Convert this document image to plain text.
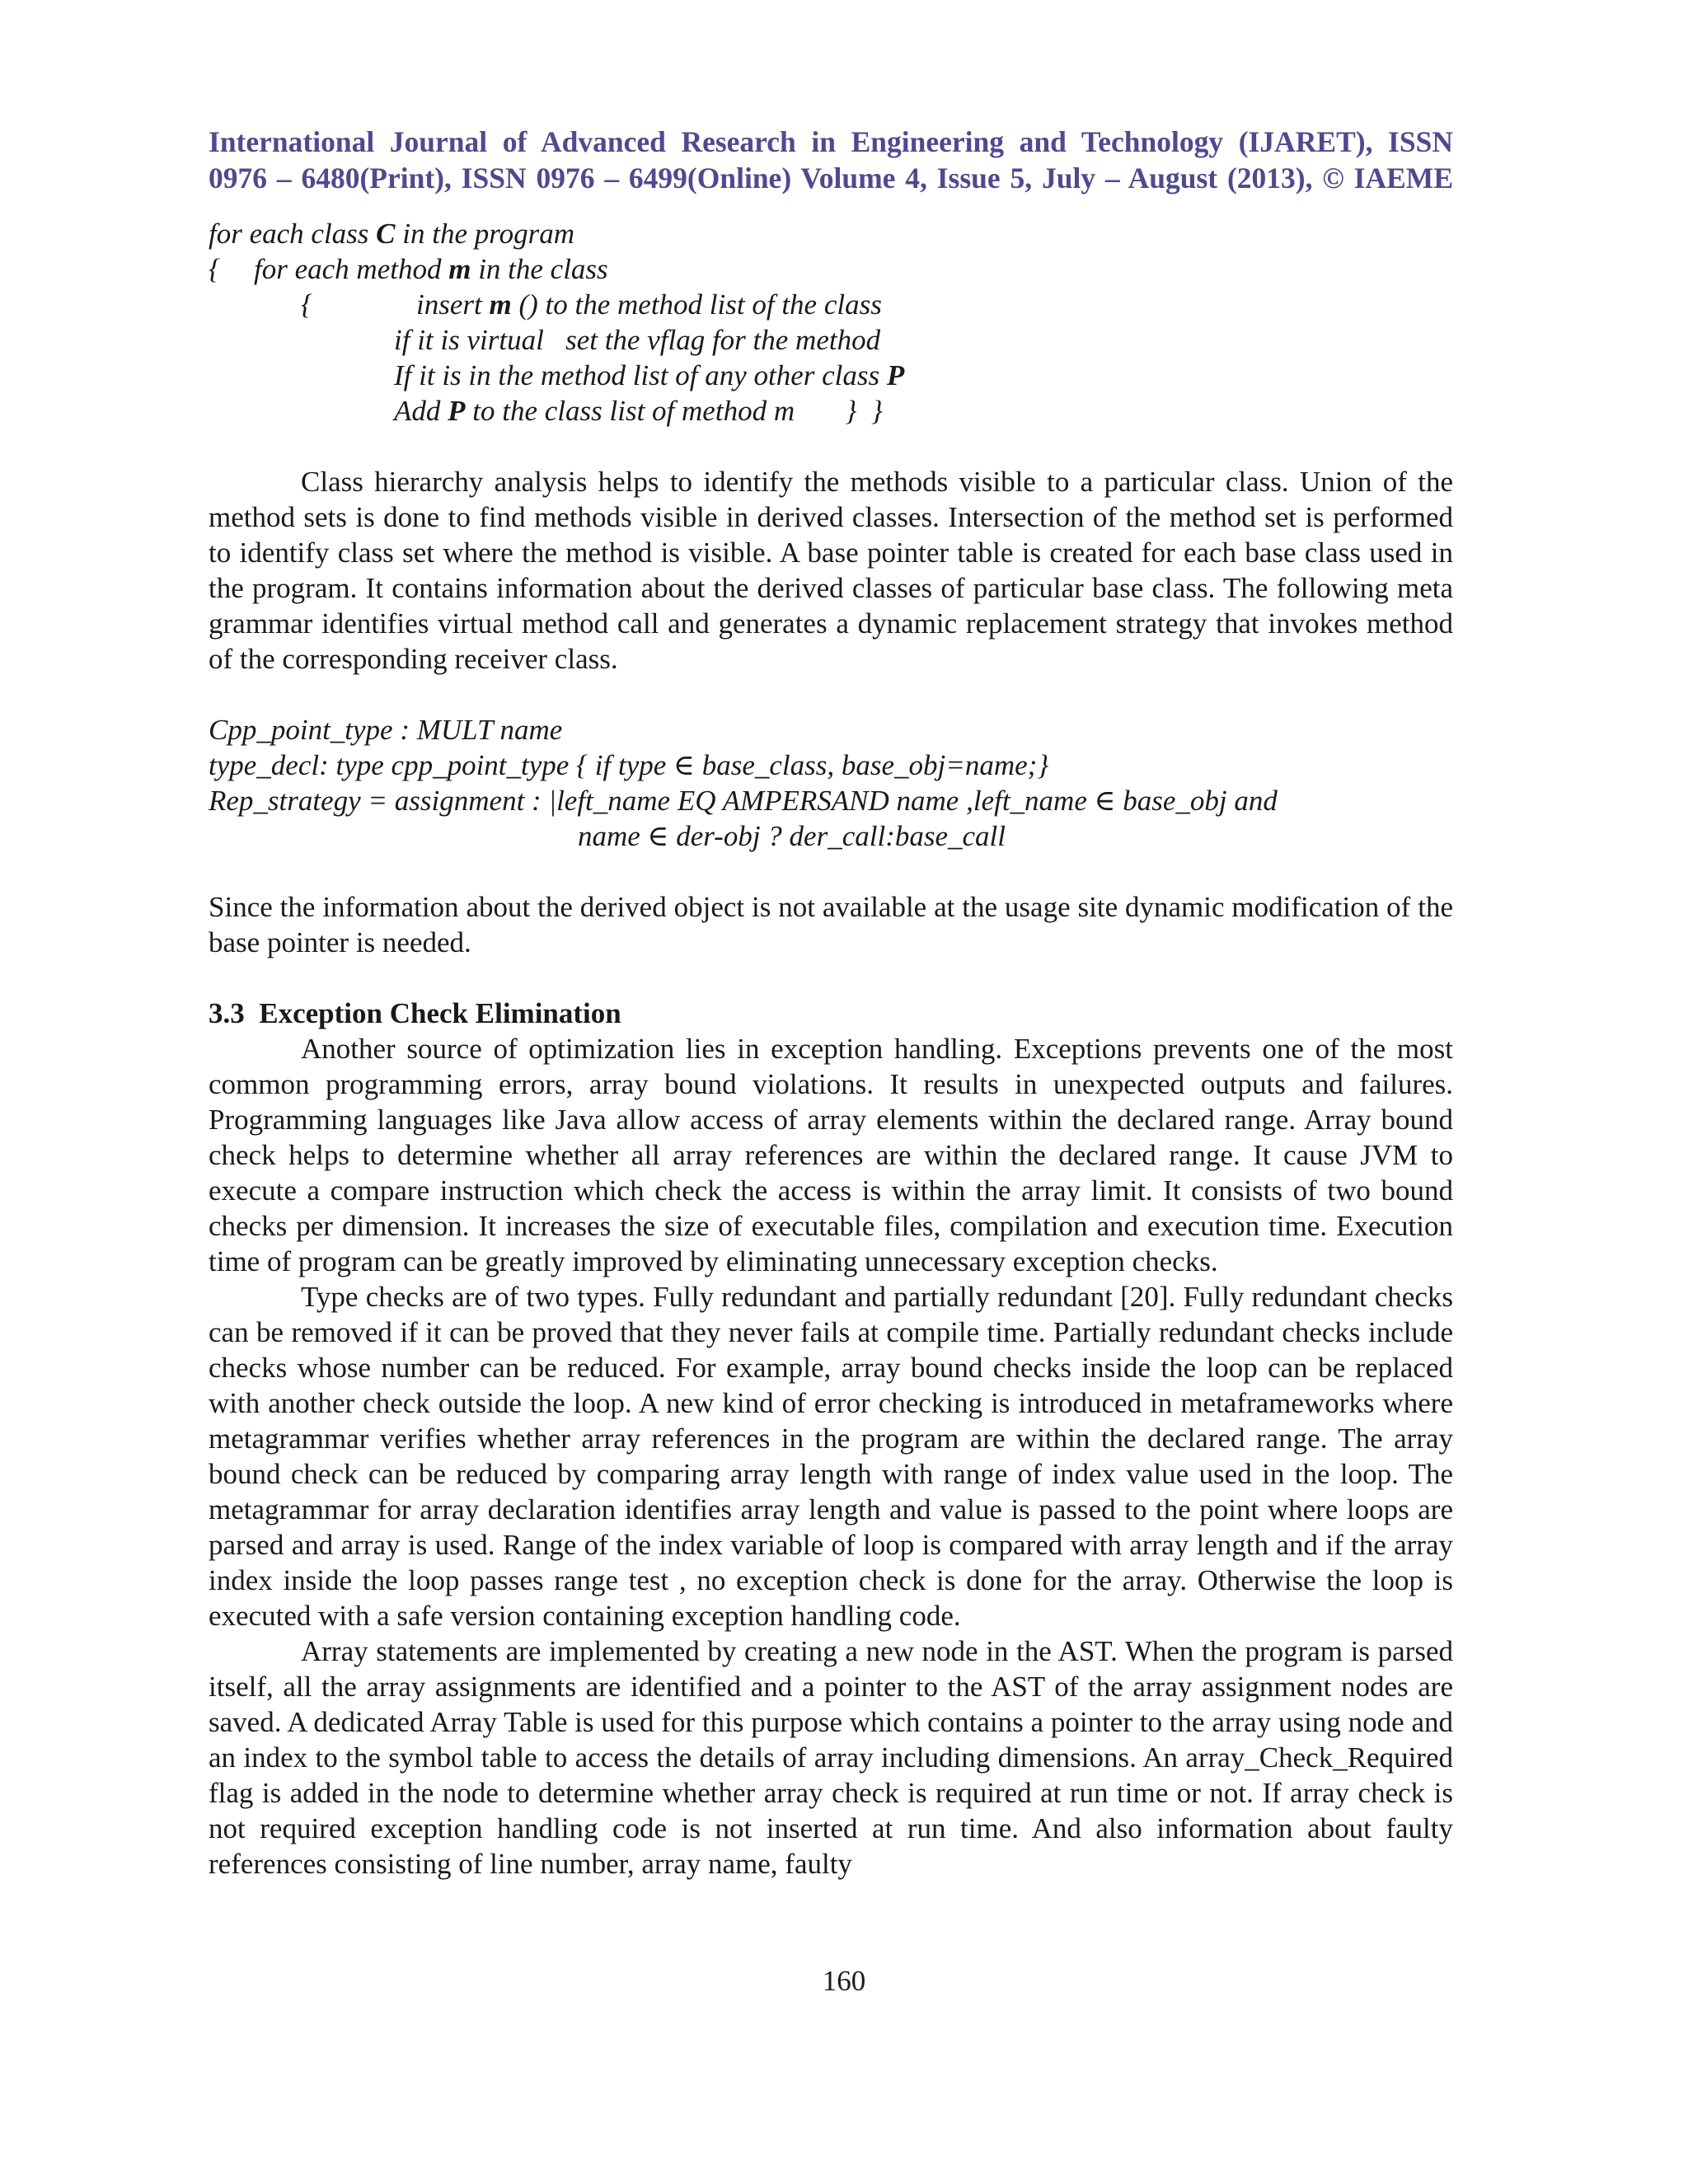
International Journal of Advanced Research in Engineering and Technology (IJARET), ISSN
0976 – 6480(Print), ISSN 0976 – 6499(Online) Volume 4, Issue 5, July – August (2013), © IAEME
for each class C in the program
{ for each method m in the class
{	insert m () to the method list of the class
if it is virtual   set the vflag for the method
If it is in the method list of any other class P
Add P to the class list of method m       }  }

Class hierarchy analysis helps to identify the methods visible to a particular class. Union of the method sets is done to find methods visible in derived classes. Intersection of the method set is performed to identify class set where the method is visible. A base pointer table is created for each base class used in the program. It contains information about the derived classes of particular base class. The following meta grammar identifies virtual method call and generates a dynamic replacement strategy that invokes method of the corresponding receiver class.

Cpp_point_type : MULT name
type_decl: type cpp_point_type { if type ∈ base_class, base_obj=name;}
Rep_strategy = assignment : |left_name EQ AMPERSAND name ,left_name ∈ base_obj and
name ∈ der-obj ? der_call:base_call

Since the information about the derived object is not available at the usage site dynamic modification of the base pointer is needed.

3.3 Exception Check Elimination

Another source of optimization lies in exception handling. Exceptions prevents one of the most common programming errors, array bound violations. It results in unexpected outputs and failures. Programming languages like Java allow access of array elements within the declared range. Array bound check helps to determine whether all array references are within the declared range. It cause JVM to execute a compare instruction which check the access is within the array limit. It consists of two bound checks per dimension. It increases the size of executable files, compilation and execution time. Execution time of program can be greatly improved by eliminating unnecessary exception checks.

Type checks are of two types. Fully redundant and partially redundant [20]. Fully redundant checks can be removed if it can be proved that they never fails at compile time. Partially redundant checks include checks whose number can be reduced. For example, array bound checks inside the loop can be replaced with another check outside the loop. A new kind of error checking is introduced in metaframeworks where metagrammar verifies whether array references in the program are within the declared range. The array bound check can be reduced by comparing array length with range of index value used in the loop. The metagrammar for array declaration identifies array length and value is passed to the point where loops are parsed and array is used. Range of the index variable of loop is compared with array length and if the array index inside the loop passes range test , no exception check is done for the array. Otherwise the loop is executed with a safe version containing exception handling code.

Array statements are implemented by creating a new node in the AST. When the program is parsed itself, all the array assignments are identified and a pointer to the AST of the array assignment nodes are saved. A dedicated Array Table is used for this purpose which contains a pointer to the array using node and an index to the symbol table to access the details of array including dimensions. An array_Check_Required flag is added in the node to determine whether array check is required at run time or not. If array check is not required exception handling code is not inserted at run time. And also information about faulty references consisting of line number, array name, faulty

160
